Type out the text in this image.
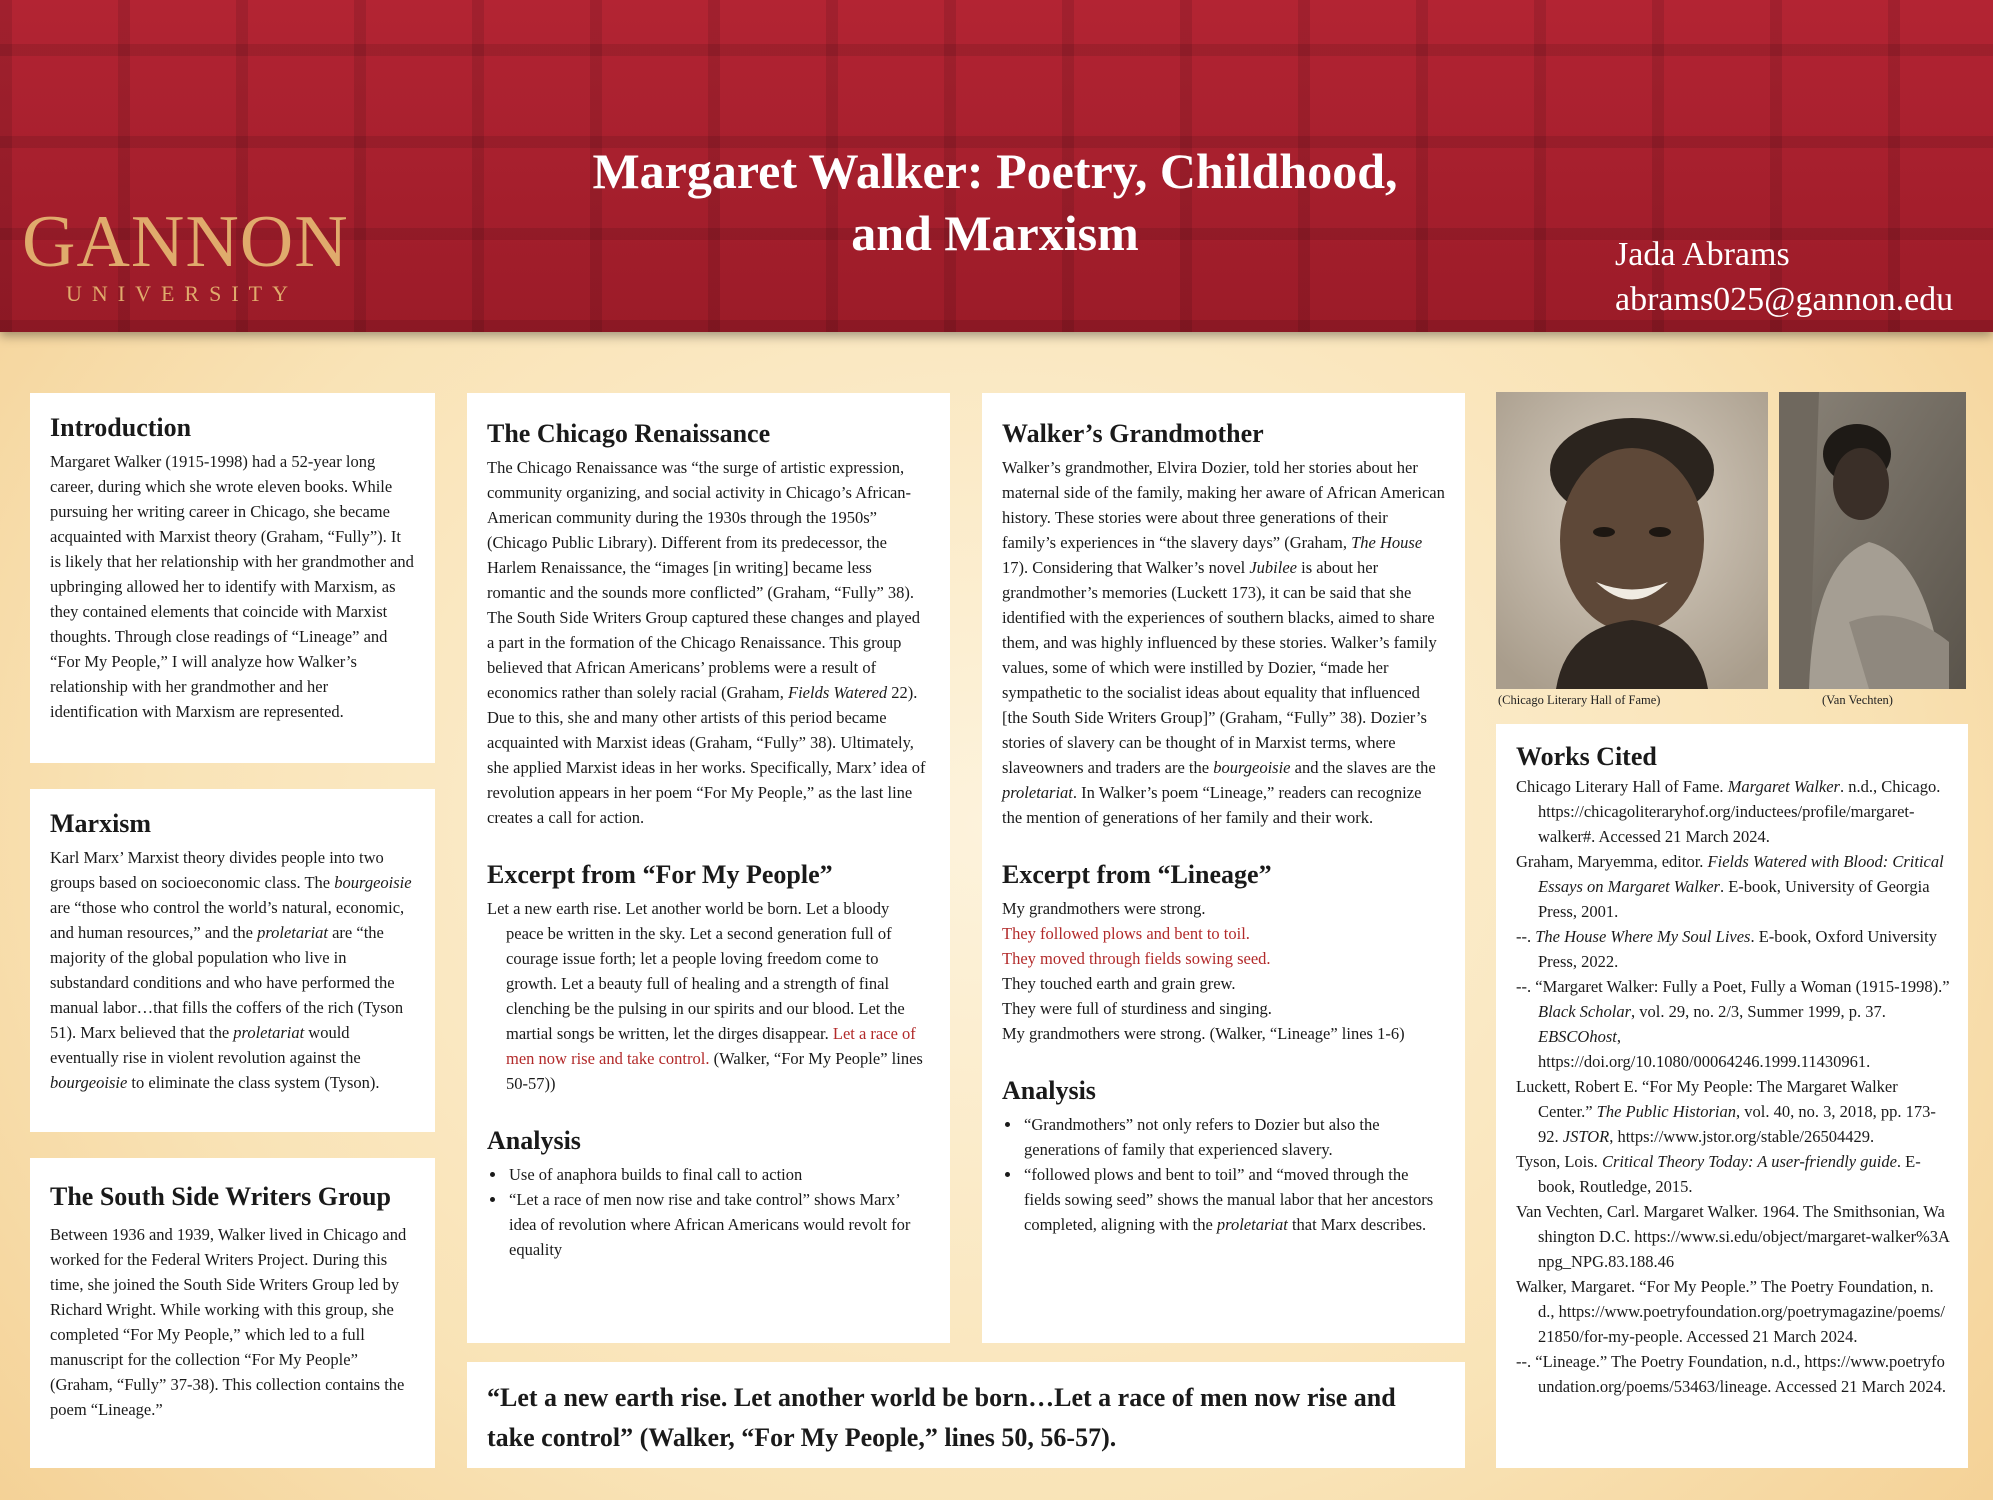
GANNON
UNIVERSITY
Margaret Walker: Poetry, Childhood,
and Marxism	Jada Abrams
abrams025@gannon.edu
Introduction

Margaret Walker (1915-1998) had a 52-year long career, during which she wrote eleven books. While pursuing her writing career in Chicago, she became acquainted with Marxist theory (Graham, “Fully”). It is likely that her relationship with her grandmother and upbringing allowed her to identify with Marxism, as they contained elements that coincide with Marxist thoughts. Through close readings of “Lineage” and “For My People,” I will analyze how Walker’s relationship with her grandmother and her identification with Marxism are represented.

Marxism

Karl Marx’ Marxist theory divides people into two groups based on socioeconomic class. The bourgeoisie are “those who control the world’s natural, economic, and human resources,” and the proletariat are “the majority of the global population who live in substandard conditions and who have performed the manual labor…that fills the coffers of the rich (Tyson 51). Marx believed that the proletariat would eventually rise in violent revolution against the bourgeoisie to eliminate the class system (Tyson).

The South Side Writers Group

Between 1936 and 1939, Walker lived in Chicago and worked for the Federal Writers Project. During this time, she joined the South Side Writers Group led by Richard Wright. While working with this group, she completed “For My People,” which led to a full manuscript for the collection “For My People” (Graham, “Fully” 37-38). This collection contains the poem “Lineage.”

The Chicago Renaissance

The Chicago Renaissance was “the surge of artistic expression, community organizing, and social activity in Chicago’s African-American community during the 1930s through the 1950s” (Chicago Public Library). Different from its predecessor, the Harlem Renaissance, the “images [in writing] became less romantic and the sounds more conflicted” (Graham, “Fully” 38). The South Side Writers Group captured these changes and played a part in the formation of the Chicago Renaissance. This group believed that African Americans’ problems were a result of economics rather than solely racial (Graham, Fields Watered 22). Due to this, she and many other artists of this period became acquainted with Marxist ideas (Graham, “Fully” 38). Ultimately, she applied Marxist ideas in her works. Specifically, Marx’ idea of revolution appears in her poem “For My People,” as the last line creates a call for action.

Excerpt from “For My People”

Let a new earth rise. Let another world be born. Let a bloody peace be written in the sky. Let a second generation full of courage issue forth; let a people loving freedom come to growth. Let a beauty full of healing and a strength of final clenching be the pulsing in our spirits and our blood. Let the martial songs be written, let the dirges disappear. Let a race of men now rise and take control. (Walker, “For My People” lines 50-57))

Analysis
• Use of anaphora builds to final call to action
• “Let a race of men now rise and take control” shows Marx’ idea of revolution where African Americans would revolt for equality
Walker’s Grandmother

Walker’s grandmother, Elvira Dozier, told her stories about her maternal side of the family, making her aware of African American history. These stories were about three generations of their family’s experiences in “the slavery days” (Graham, The House 17). Considering that Walker’s novel Jubilee is about her grandmother’s memories (Luckett 173), it can be said that she identified with the experiences of southern blacks, aimed to share them, and was highly influenced by these stories. Walker’s family values, some of which were instilled by Dozier, “made her sympathetic to the socialist ideas about equality that influenced [the South Side Writers Group]” (Graham, “Fully” 38). Dozier’s stories of slavery can be thought of in Marxist terms, where slaveowners and traders are the bourgeoisie and the slaves are the proletariat. In Walker’s poem “Lineage,” readers can recognize the mention of generations of her family and their work.

Excerpt from “Lineage”

My grandmothers were strong.

They followed plows and bent to toil.

They moved through fields sowing seed.

They touched earth and grain grew.

They were full of sturdiness and singing.

My grandmothers were strong. (Walker, “Lineage” lines 1-6)

Analysis
• “Grandmothers” not only refers to Dozier but also the generations of family that experienced slavery.
• “followed plows and bent to toil” and “moved through the fields sowing seed” shows the manual labor that her ancestors completed, aligning with the proletariat that Marx describes.
“Let a new earth rise. Let another world be born…Let a race of men now rise and take control” (Walker, “For My People,” lines 50, 56-57).
(Chicago Literary Hall of Fame)	(Van Vechten)
Works Cited

Chicago Literary Hall of Fame. Margaret Walker. n.d., Chicago. https://chicagoliteraryhof.org/inductees/profile/margaret-walker#. Accessed 21 March 2024.

Graham, Maryemma, editor. Fields Watered with Blood: Critical Essays on Margaret Walker. E-book, University of Georgia Press, 2001.

--. The House Where My Soul Lives. E-book, Oxford University Press, 2022.

--. “Margaret Walker: Fully a Poet, Fully a Woman (1915-1998).” Black Scholar, vol. 29, no. 2/3, Summer 1999, p. 37. EBSCOhost, https://doi.org/10.1080/00064246.1999.11430961.

Luckett, Robert E. “For My People: The Margaret Walker Center.” The Public Historian, vol. 40, no. 3, 2018, pp. 173-92. JSTOR, https://www.jstor.org/stable/26504429.

Tyson, Lois. Critical Theory Today: A user-friendly guide. E-book, Routledge, 2015.

Van Vechten, Carl. Margaret Walker. 1964. The Smithsonian, Washington D.C. https://www.si.edu/object/margaret-walker%3Anpg_NPG.83.188.46

Walker, Margaret. “For My People.” The Poetry Foundation, n.d., https://www.poetryfoundation.org/poetrymagazine/poems/21850/for-my-people. Accessed 21 March 2024.

--. “Lineage.” The Poetry Foundation, n.d., https://www.poetryfoundation.org/poems/53463/lineage. Accessed 21 March 2024.
